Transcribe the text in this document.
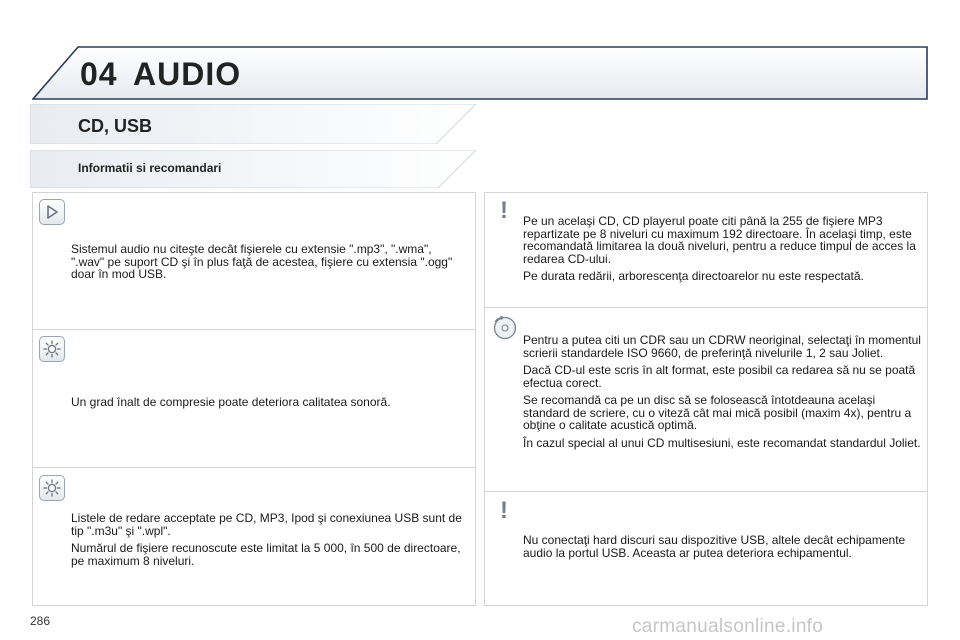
04 AUDIO
CD, USB
Informatii si recomandari

Sistemul audio nu citeşte decât fişierele cu extensie ".mp3", ".wma", ".wav" pe suport CD şi în plus faţă de acestea, fişiere cu extensia ".ogg" doar în mod USB.

Un grad înalt de compresie poate deteriora calitatea sonoră.

Listele de redare acceptate pe CD, MP3, Ipod şi conexiunea USB sunt de tip ".m3u" şi ".wpl".

Numărul de fişiere recunoscute este limitat la 5 000, în 500 de directoare, pe maximum 8 niveluri.

!	Pe un acelaşi CD, CD playerul poate citi până la 255 de fişiere MP3 repartizate pe 8 niveluri cu maximum 192 directoare. În acelaşi timp, este recomandată limitarea la două niveluri, pentru a reduce timpul de acces la redarea CD-ului.

Pe durata redării, arborescenţa directoarelor nu este respectată.

Pentru a putea citi un CDR sau un CDRW neoriginal, selectaţi în momentul scrierii standardele ISO 9660, de preferinţă nivelurile 1, 2 sau Joliet.

Dacă CD-ul este scris în alt format, este posibil ca redarea să nu se poată efectua corect.

Se recomandă ca pe un disc să se folosească întotdeauna acelaşi standard de scriere, cu o viteză cât mai mică posibil (maxim 4x), pentru a obţine o calitate acustică optimă.

În cazul special al unui CD multisesiuni, este recomandat standardul Joliet.

!

Nu conectaţi hard discuri sau dispozitive USB, altele decât echipamente audio la portul USB. Aceasta ar putea deteriora echipamentul.

286	carmanualsonline.info
